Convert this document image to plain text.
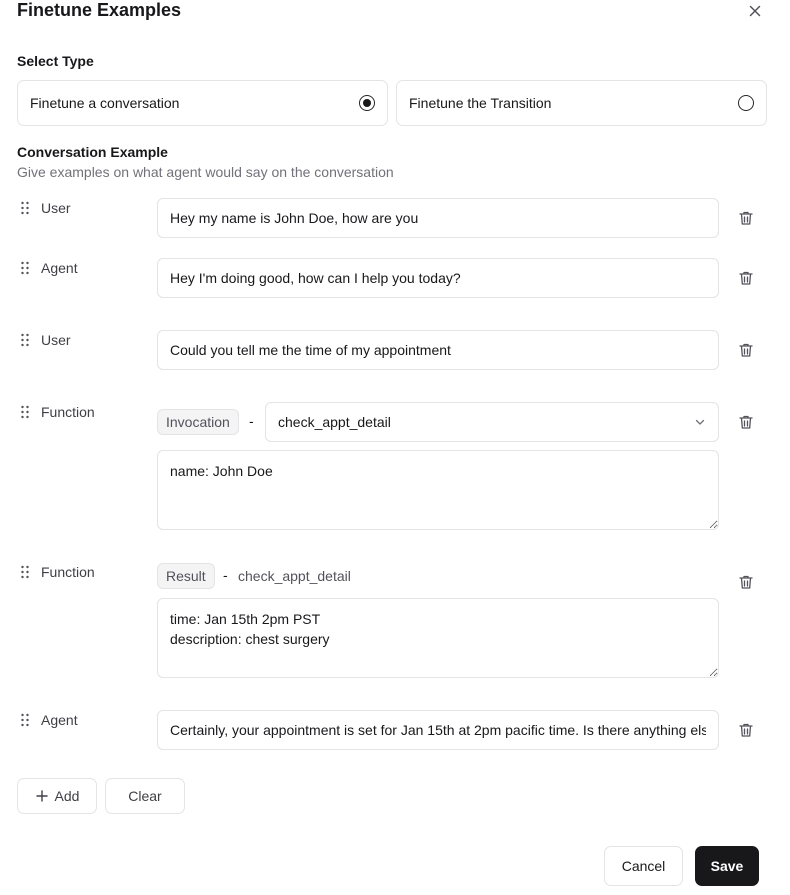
Finetune Examples
Select Type
Finetune a conversation	Finetune the Transition
Conversation Example
Give examples on what agent would say on the conversation
User
Hey my name is John Doe, how are you
Agent
Hey I'm doing good, how can I help you today?
User
Could you tell me the time of my appointment
Function
Invocation	- check_appt_detail
name: John Doe
Function	Result	- check_appt_detail
time: Jan 15th 2pm PST description: chest surgery
Agent
Certainly, your appointment is set for Jan 15th at 2pm pacific time. Is there anything else I can help you with?
Add	Clear
Cancel	Save
